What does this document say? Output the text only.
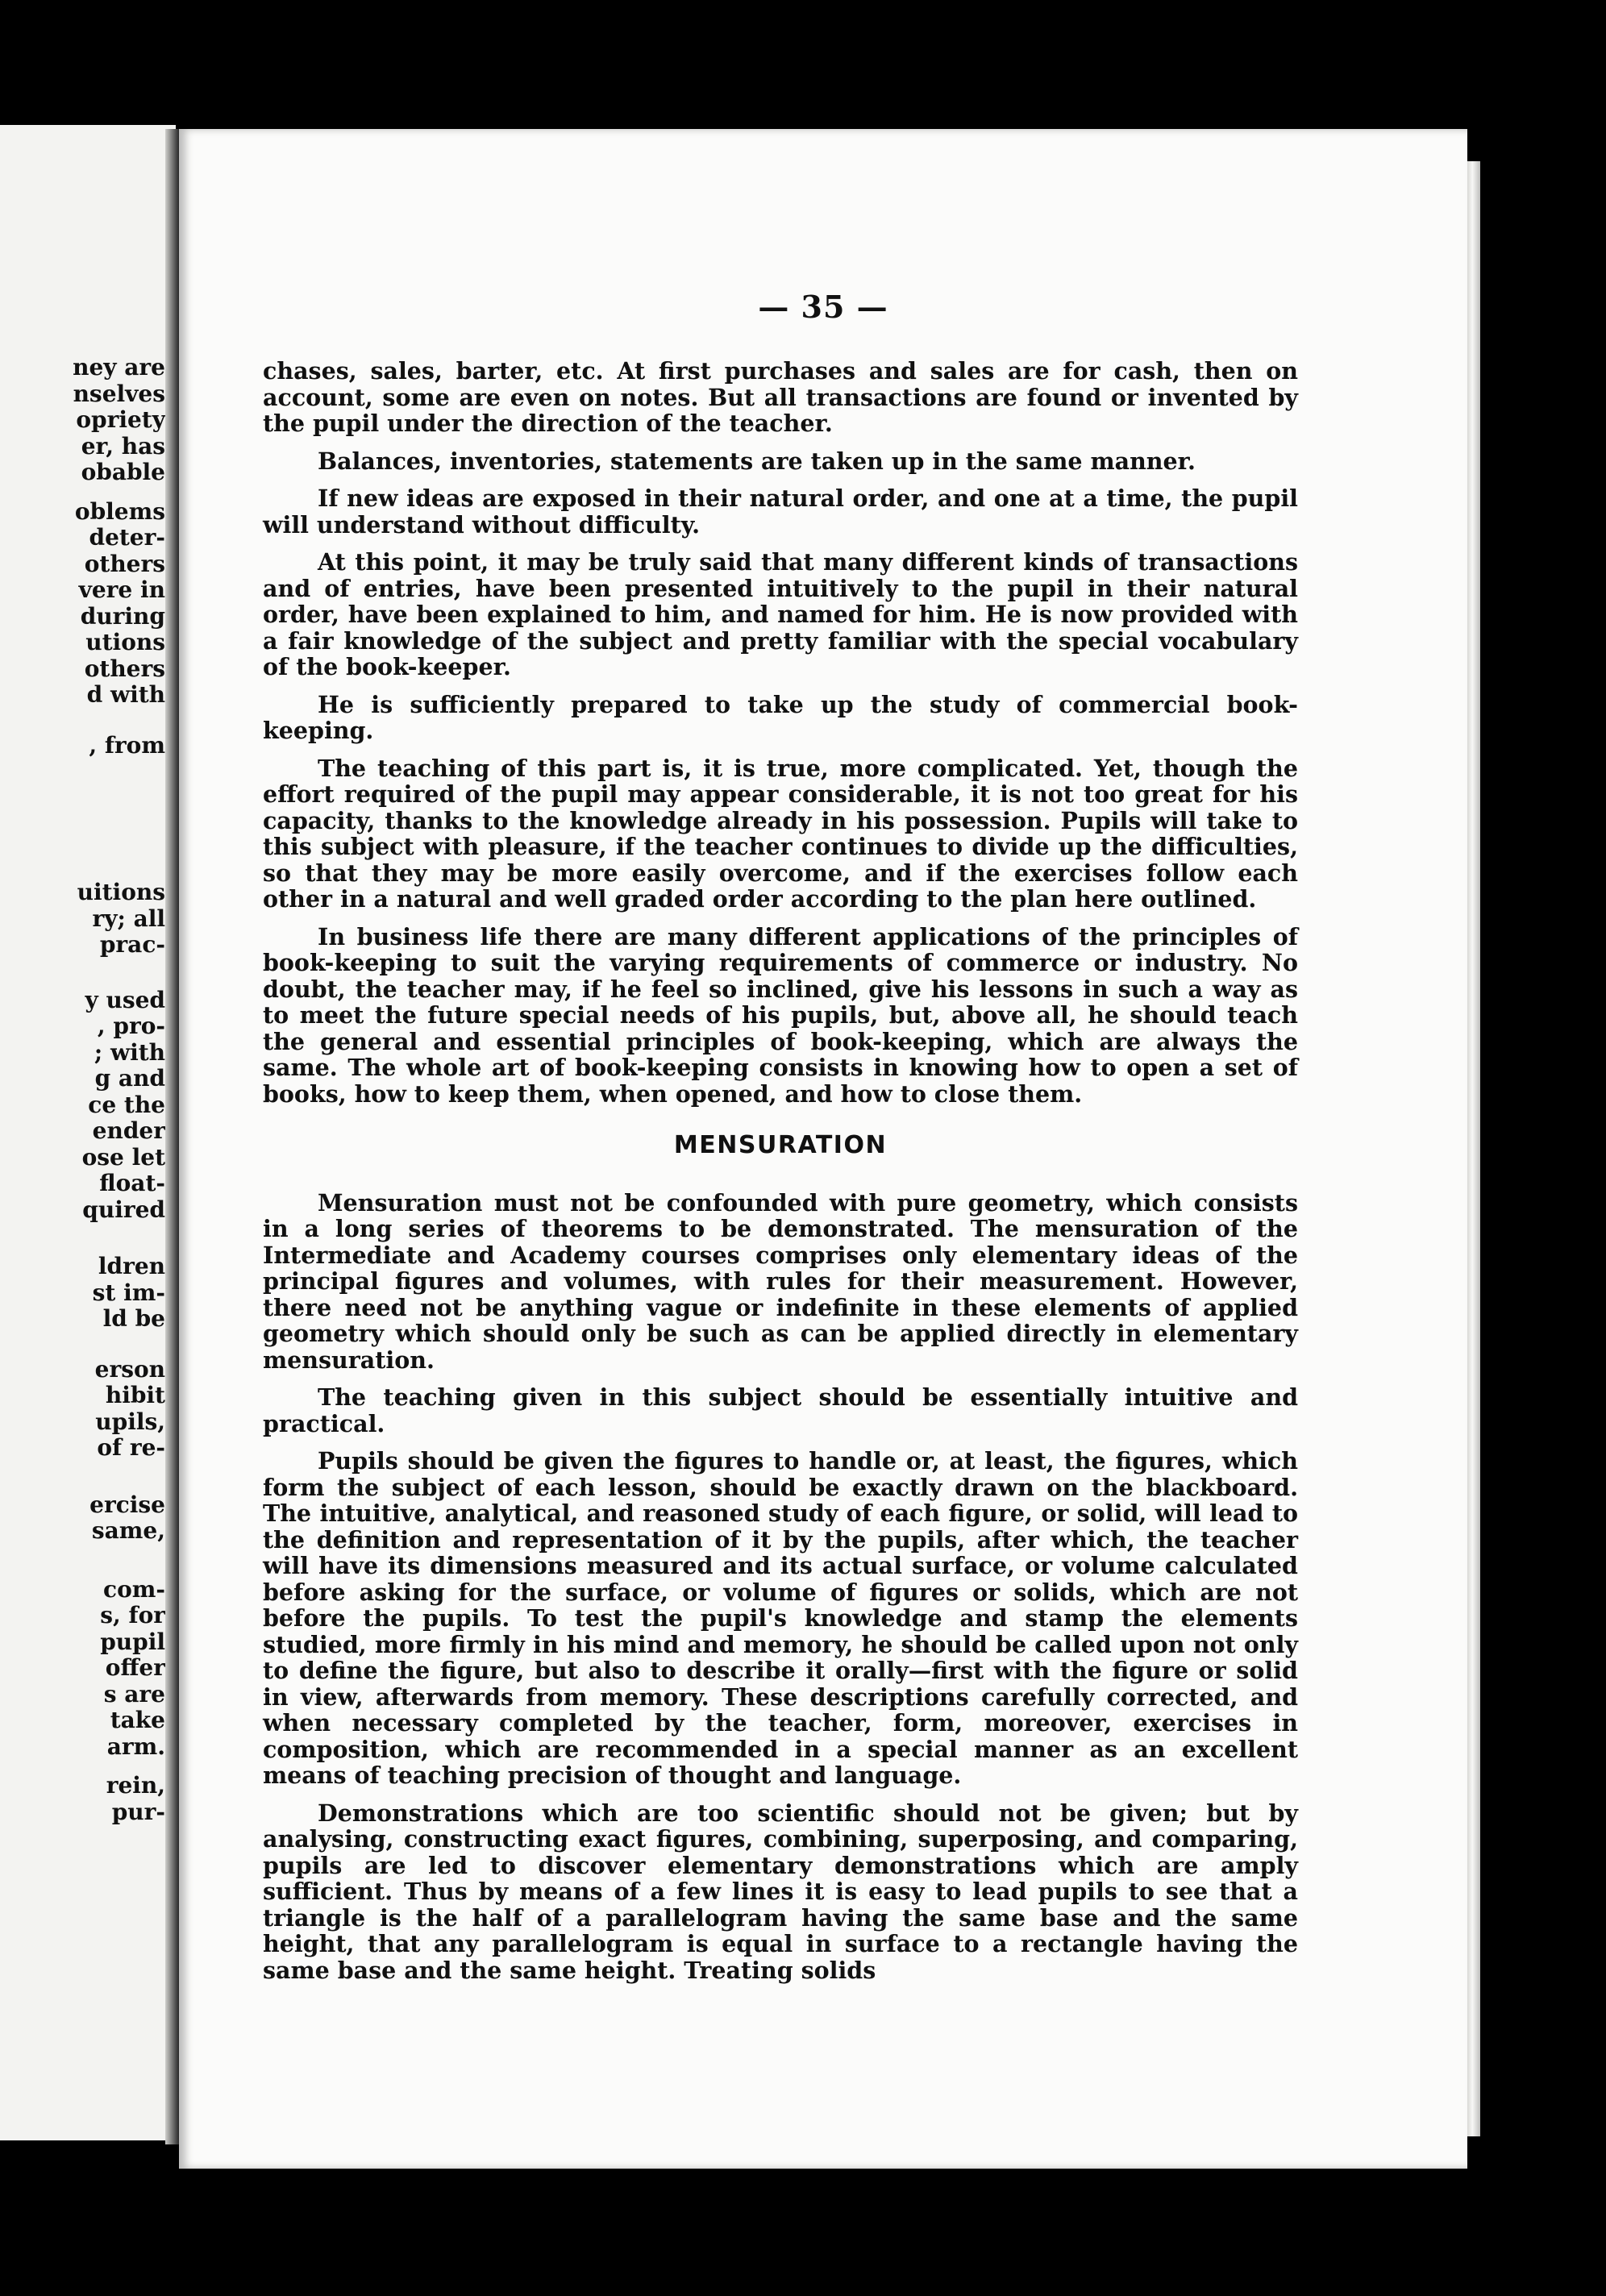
ney are
nselves
opriety
er, has
obable
oblems
deter-
others
vere in
during
utions
others
d with
, from
uitions
ry; all
prac-
y used
, pro-
; with
g and
ce the
ender
ose let
float-
quired
ldren
st im-
ld be
erson
hibit
upils,
of re-
ercise
same,
com-
s, for
pupil
offer
s are
take
arm.
rein,
pur-
— 35 —

chases, sales, barter, etc. At first purchases and sales are for cash, then on account, some are even on notes. But all transactions are found or invented by the pupil under the direction of the teacher.

Balances, inventories, statements are taken up in the same manner.

If new ideas are exposed in their natural order, and one at a time, the pupil will understand without difficulty.

At this point, it may be truly said that many different kinds of transactions and of entries, have been presented intuitively to the pupil in their natural order, have been explained to him, and named for him. He is now provided with a fair knowledge of the subject and pretty familiar with the special vocabulary of the book-keeper.

He is sufficiently prepared to take up the study of commercial book-keeping.

The teaching of this part is, it is true, more complicated. Yet, though the effort required of the pupil may appear considerable, it is not too great for his capacity, thanks to the knowledge already in his possession. Pupils will take to this subject with pleasure, if the teacher continues to divide up the difficulties, so that they may be more easily overcome, and if the exercises follow each other in a natural and well graded order according to the plan here outlined.

In business life there are many different applications of the principles of book-keeping to suit the varying requirements of commerce or industry. No doubt, the teacher may, if he feel so inclined, give his lessons in such a way as to meet the future special needs of his pupils, but, above all, he should teach the general and essential principles of book-keeping, which are always the same. The whole art of book-keeping consists in knowing how to open a set of books, how to keep them, when opened, and how to close them.

MENSURATION

Mensuration must not be confounded with pure geometry, which consists in a long series of theorems to be demonstrated. The mensuration of the Intermediate and Academy courses comprises only elementary ideas of the principal figures and volumes, with rules for their measurement. However, there need not be anything vague or indefinite in these elements of applied geometry which should only be such as can be applied directly in elementary mensuration.

The teaching given in this subject should be essentially intuitive and practical.

Pupils should be given the figures to handle or, at least, the figures, which form the subject of each lesson, should be exactly drawn on the blackboard. The intuitive, analytical, and reasoned study of each figure, or solid, will lead to the definition and representation of it by the pupils, after which, the teacher will have its dimensions measured and its actual surface, or volume calculated before asking for the surface, or volume of figures or solids, which are not before the pupils. To test the pupil's knowledge and stamp the elements studied, more firmly in his mind and memory, he should be called upon not only to define the figure, but also to describe it orally—first with the figure or solid in view, afterwards from memory. These descriptions carefully corrected, and when necessary completed by the teacher, form, moreover, exercises in composition, which are recommended in a special manner as an excellent means of teaching precision of thought and language.

Demonstrations which are too scientific should not be given; but by analysing, constructing exact figures, combining, superposing, and comparing, pupils are led to discover elementary demonstrations which are amply sufficient. Thus by means of a few lines it is easy to lead pupils to see that a triangle is the half of a parallelogram having the same base and the same height, that any parallelogram is equal in surface to a rectangle having the same base and the same height. Treating solids
